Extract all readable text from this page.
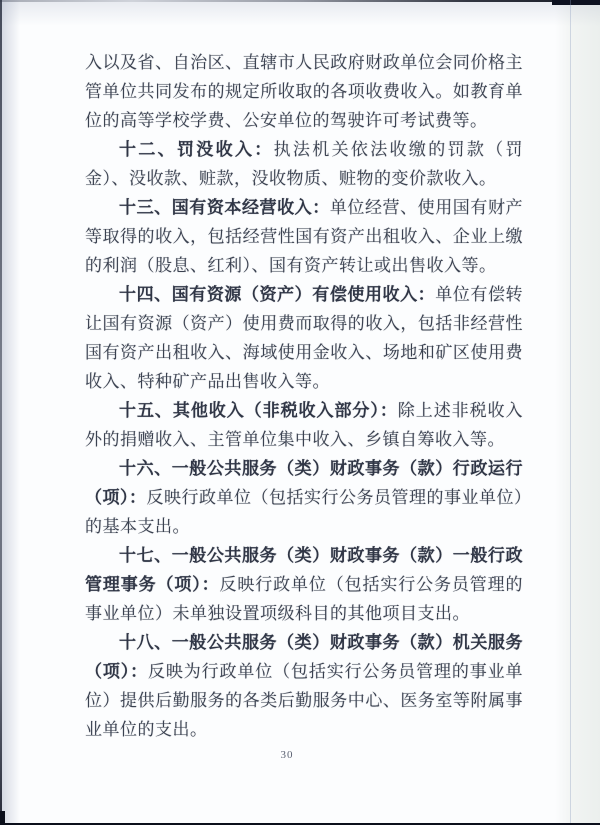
入以及省、自治区、直辖市人民政府财政单位会同价格主管单位共同发布的规定所收取的各项收费收入。如教育单位的高等学校学费、公安单位的驾驶许可考试费等。

十二、罚没收入：执法机关依法收缴的罚款（罚金）、没收款、赃款，没收物质、赃物的变价款收入。

十三、国有资本经营收入：单位经营、使用国有财产等取得的收入，包括经营性国有资产出租收入、企业上缴的利润（股息、红利）、国有资产转让或出售收入等。

十四、国有资源（资产）有偿使用收入：单位有偿转让国有资源（资产）使用费而取得的收入，包括非经营性国有资产出租收入、海域使用金收入、场地和矿区使用费收入、特种矿产品出售收入等。

十五、其他收入（非税收入部分）：除上述非税收入外的捐赠收入、主管单位集中收入、乡镇自筹收入等。

十六、一般公共服务（类）财政事务（款）行政运行（项）：反映行政单位（包括实行公务员管理的事业单位）的基本支出。

十七、一般公共服务（类）财政事务（款）一般行政管理事务（项）：反映行政单位（包括实行公务员管理的事业单位）未单独设置项级科目的其他项目支出。

十八、一般公共服务（类）财政事务（款）机关服务（项）：反映为行政单位（包括实行公务员管理的事业单位）提供后勤服务的各类后勤服务中心、医务室等附属事业单位的支出。

30
